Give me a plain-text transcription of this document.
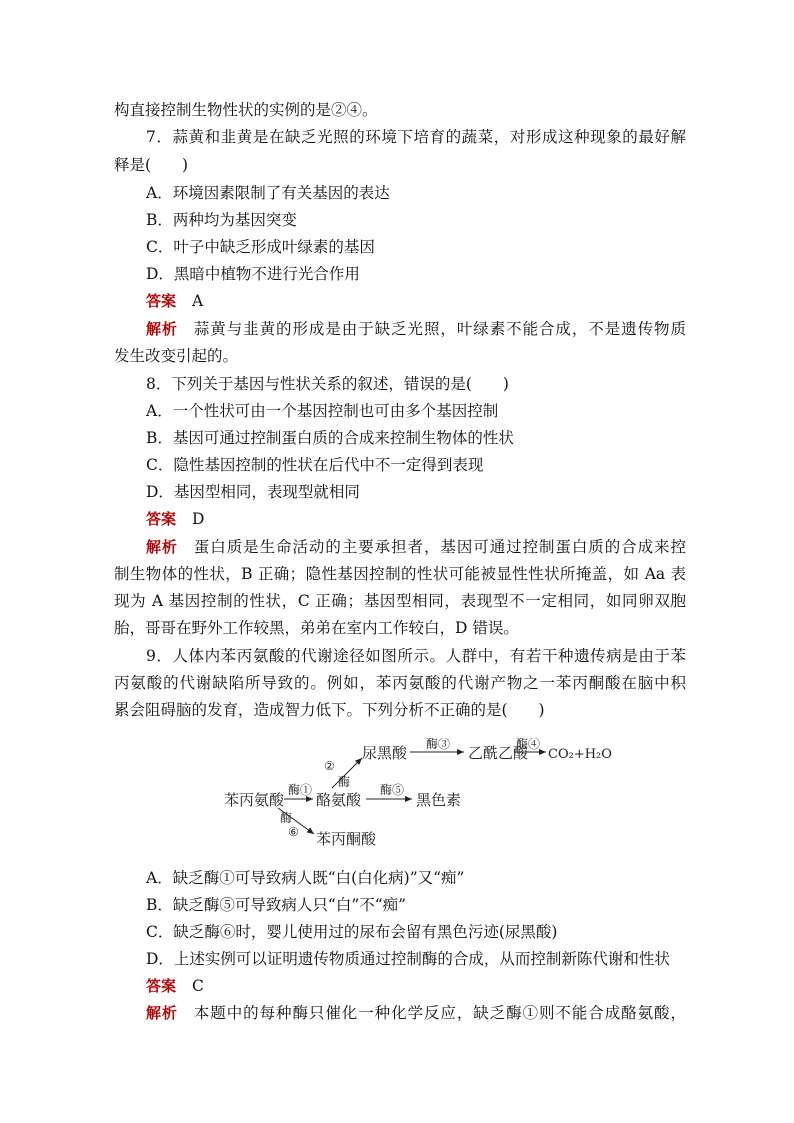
构直接控制生物性状的实例的是②④。
7．蒜黄和韭黄是在缺乏光照的环境下培育的蔬菜，对形成这种现象的最好解
释是(　　)
A．环境因素限制了有关基因的表达
B．两种均为基因突变
C．叶子中缺乏形成叶绿素的基因
D．黑暗中植物不进行光合作用
答案 A
解析 蒜黄与韭黄的形成是由于缺乏光照，叶绿素不能合成，不是遗传物质
发生改变引起的。
8．下列关于基因与性状关系的叙述，错误的是(　　)
A．一个性状可由一个基因控制也可由多个基因控制
B．基因可通过控制蛋白质的合成来控制生物体的性状
C．隐性基因控制的性状在后代中不一定得到表现
D．基因型相同，表现型就相同
答案 D
解析 蛋白质是生命活动的主要承担者，基因可通过控制蛋白质的合成来控
制生物体的性状，B 正确；隐性基因控制的性状可能被显性性状所掩盖，如 Aa 表
现为 A 基因控制的性状，C 正确；基因型相同，表现型不一定相同，如同卵双胞
胎，哥哥在野外工作较黑，弟弟在室内工作较白，D 错误。
9．人体内苯丙氨酸的代谢途径如图所示。人群中，有若干种遗传病是由于苯
丙氨酸的代谢缺陷所导致的。例如，苯丙氨酸的代谢产物之一苯丙酮酸在脑中积
累会阻碍脑的发育，造成智力低下。下列分析不正确的是(　　)
苯丙氨酸 酪氨酸
尿黑酸	乙酰乙酸 CO₂+H₂O
黑色素
苯丙酮酸
酶①
②
酶
酶③	酶④
酶⑤
酶
⑥
A．缺乏酶①可导致病人既“白(白化病)”又“痴”
B．缺乏酶⑤可导致病人只“白”不“痴”
C．缺乏酶⑥时，婴儿使用过的尿布会留有黑色污迹(尿黑酸)
D．上述实例可以证明遗传物质通过控制酶的合成，从而控制新陈代谢和性状
答案 C
解析 本题中的每种酶只催化一种化学反应，缺乏酶①则不能合成酪氨酸，
